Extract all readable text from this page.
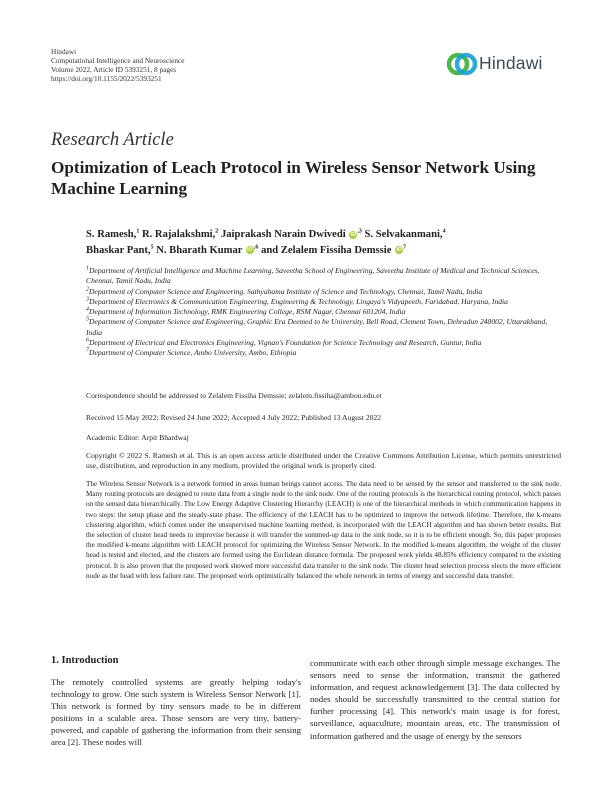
Hindawi
Computational Intelligence and Neuroscience
Volume 2022, Article ID 5393251, 8 pages
https://doi.org/10.1155/2022/5393251
Hindawi
Research Article
Optimization of Leach Protocol in Wireless Sensor Network Using Machine Learning
S. Ramesh,$^1$ R. Rajalakshmi,$^2$ Jaiprakash Narain Dwivedi $iD^{,3}$ S. Selvakanmani,$^4$
Bhaskar Pant,$^5$ N. Bharath Kumar $iD^{,6}$ and Zelalem Fissiha Demssie $iD^7$

$^1$Department of Artificial Intelligence and Machine Learning, Saveetha School of Engineering, Saveetha Institute of Medical and Technical Sciences, Chennai, Tamil Nadu, India

$^2$Department of Computer Science and Engineering, Sathyabama Institute of Science and Technology, Chennai, Tamil Nadu, India

$^3$Department of Electronics & Communication Engineering, Engineering & Technology, Lingaya's Vidyapeeth, Faridabad, Haryana, India

$^4$Department of Information Technology, RMK Engineering College, RSM Nagar, Chennai 601204, India

$^5$Department of Computer Science and Engineering, Graphic Era Deemed to be University, Bell Road, Clement Town, Dehradun 248002, Uttarakhand, India

$^6$Department of Electrical and Electronics Engineering, Vignan's Foundation for Science Technology and Research, Guntur, India

$^7$Department of Computer Science, Ambo University, Ambo, Ethiopia

Correspondence should be addressed to Zelalem Fissiha Demssie; zelalem.fissiha@ambou.edu.et
Received 15 May 2022; Revised 24 June 2022; Accepted 4 July 2022; Published 13 August 2022
Academic Editor: Arpit Bhardwaj
Copyright © 2022 S. Ramesh et al. This is an open access article distributed under the Creative Commons Attribution License, which permits unrestricted use, distribution, and reproduction in any medium, provided the original work is properly cited.
The Wireless Sensor Network is a network formed in areas human beings cannot access. The data need to be sensed by the sensor and transferred to the sink node. Many routing protocols are designed to route data from a single node to the sink node. One of the routing protocols is the hierarchical routing protocol, which passes on the sensed data hierarchically. The Low Energy Adaptive Clustering Hierarchy (LEACH) is one of the hierarchical methods in which communication happens in two steps: the setup phase and the steady-state phase. The efficiency of the LEACH has to be optimized to improve the network lifetime. Therefore, the k-means clustering algorithm, which comes under the unsupervised machine learning method, is incorporated with the LEACH algorithm and has shown better results. But the selection of cluster head needs to improvise because it will transfer the summed-up data to the sink node, so it is to be efficient enough. So, this paper proposes the modified k-means algorithm with LEACH protocol for optimizing the Wireless Sensor Network. In the modified k-means algorithm, the weight of the cluster head is tested and elected, and the clusters are formed using the Euclidean distance formula. The proposed work yields 48.85% efficiency compared to the existing protocol. It is also proven that the proposed work showed more successful data transfer to the sink node. The cluster head selection process elects the more efficient node as the head with less failure rate. The proposed work optimistically balanced the whole network in terms of energy and successful data transfer.
1. Introduction
The remotely controlled systems are greatly helping today's technology to grow. One such system is Wireless Sensor Network [1]. This network is formed by tiny sensors made to be in different positions in a scalable area. Those sensors are very tiny, battery-powered, and capable of gathering the information from their sensing area [2]. These nodes will
communicate with each other through simple message exchanges. The sensors need to sense the information, transmit the gathered information, and request acknowledgement [3]. The data collected by nodes should be successfully transmitted to the central station for further processing [4]. This network's main usage is for forest, surveillance, aquaculture, mountain areas, etc. The transmission of information gathered and the usage of energy by the sensors
